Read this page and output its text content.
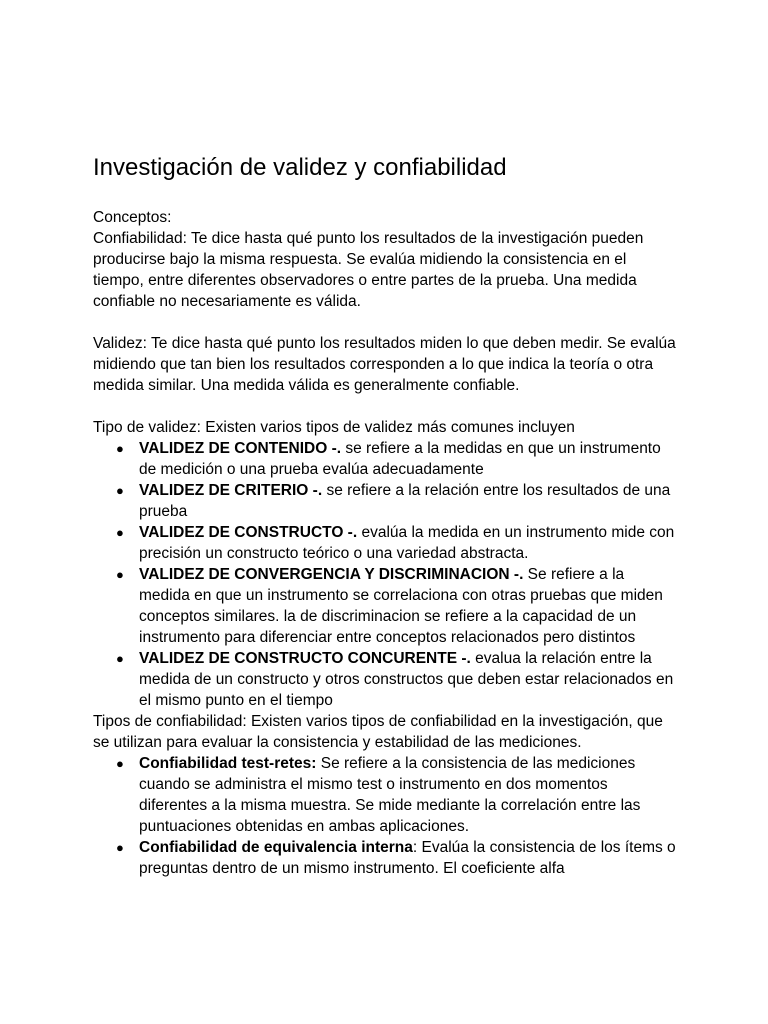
Investigación de validez y confiabilidad

Conceptos:

Confiabilidad: Te dice hasta qué punto los resultados de la investigación pueden producirse bajo la misma respuesta. Se evalúa midiendo la consistencia en el tiempo, entre diferentes observadores o entre partes de la prueba. Una medida confiable no necesariamente es válida.

Validez: Te dice hasta qué punto los resultados miden lo que deben medir. Se evalúa midiendo que tan bien los resultados corresponden a lo que indica la teoría o otra medida similar. Una medida válida es generalmente confiable.

Tipo de validez: Existen varios tipos de validez más comunes incluyen

● VALIDEZ DE CONTENIDO -. se refiere a la medidas en que un instrumento de medición o una prueba evalúa adecuadamente
● VALIDEZ DE CRITERIO -. se refiere a la relación entre los resultados de una prueba
● VALIDEZ DE CONSTRUCTO -. evalúa la medida en un instrumento mide con precisión un constructo teórico o una variedad abstracta.
● VALIDEZ DE CONVERGENCIA Y DISCRIMINACION -. Se refiere a la medida en que un instrumento se correlaciona con otras pruebas que miden conceptos similares. la de discriminacion se refiere a la capacidad de un instrumento para diferenciar entre conceptos relacionados pero distintos
● VALIDEZ DE CONSTRUCTO CONCURENTE -. evalua la relación entre la medida de un constructo y otros constructos que deben estar relacionados en el mismo punto en el tiempo

Tipos de confiabilidad: Existen varios tipos de confiabilidad en la investigación, que se utilizan para evaluar la consistencia y estabilidad de las mediciones.

● Confiabilidad test-retes: Se refiere a la consistencia de las mediciones cuando se administra el mismo test o instrumento en dos momentos diferentes a la misma muestra. Se mide mediante la correlación entre las puntuaciones obtenidas en ambas aplicaciones.
● Confiabilidad de equivalencia interna: Evalúa la consistencia de los ítems o preguntas dentro de un mismo instrumento. El coeficiente alfa
